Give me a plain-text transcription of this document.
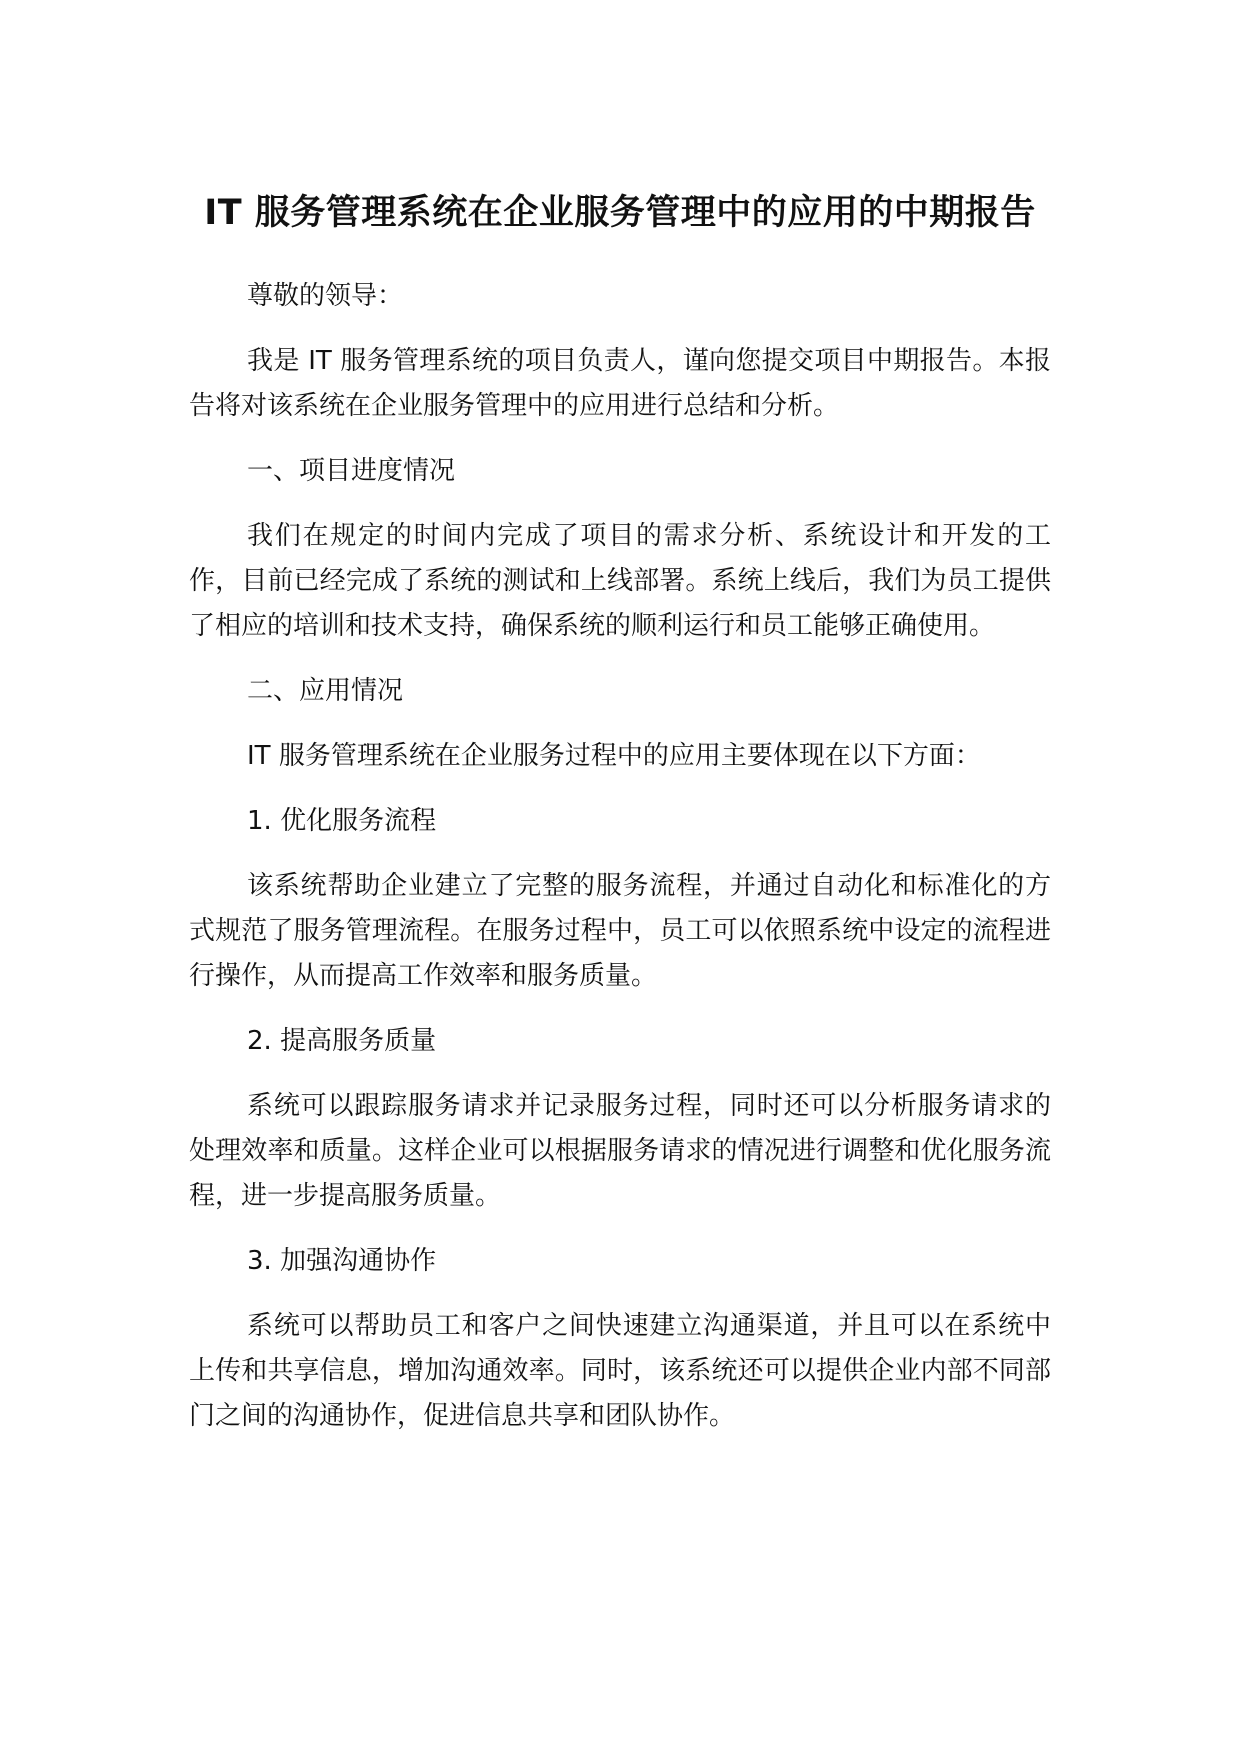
IT 服务管理系统在企业服务管理中的应用的中期报告

尊敬的领导：

我是 IT 服务管理系统的项目负责人，谨向您提交项目中期报告。本报告将对该系统在企业服务管理中的应用进行总结和分析。

一、项目进度情况

我们在规定的时间内完成了项目的需求分析、系统设计和开发的工作，目前已经完成了系统的测试和上线部署。系统上线后，我们为员工提供了相应的培训和技术支持，确保系统的顺利运行和员工能够正确使用。

二、应用情况

IT 服务管理系统在企业服务过程中的应用主要体现在以下方面：

1. 优化服务流程

该系统帮助企业建立了完整的服务流程，并通过自动化和标准化的方式规范了服务管理流程。在服务过程中，员工可以依照系统中设定的流程进行操作，从而提高工作效率和服务质量。

2. 提高服务质量

系统可以跟踪服务请求并记录服务过程，同时还可以分析服务请求的处理效率和质量。这样企业可以根据服务请求的情况进行调整和优化服务流程，进一步提高服务质量。

3. 加强沟通协作

系统可以帮助员工和客户之间快速建立沟通渠道，并且可以在系统中上传和共享信息，增加沟通效率。同时，该系统还可以提供企业内部不同部门之间的沟通协作，促进信息共享和团队协作。
